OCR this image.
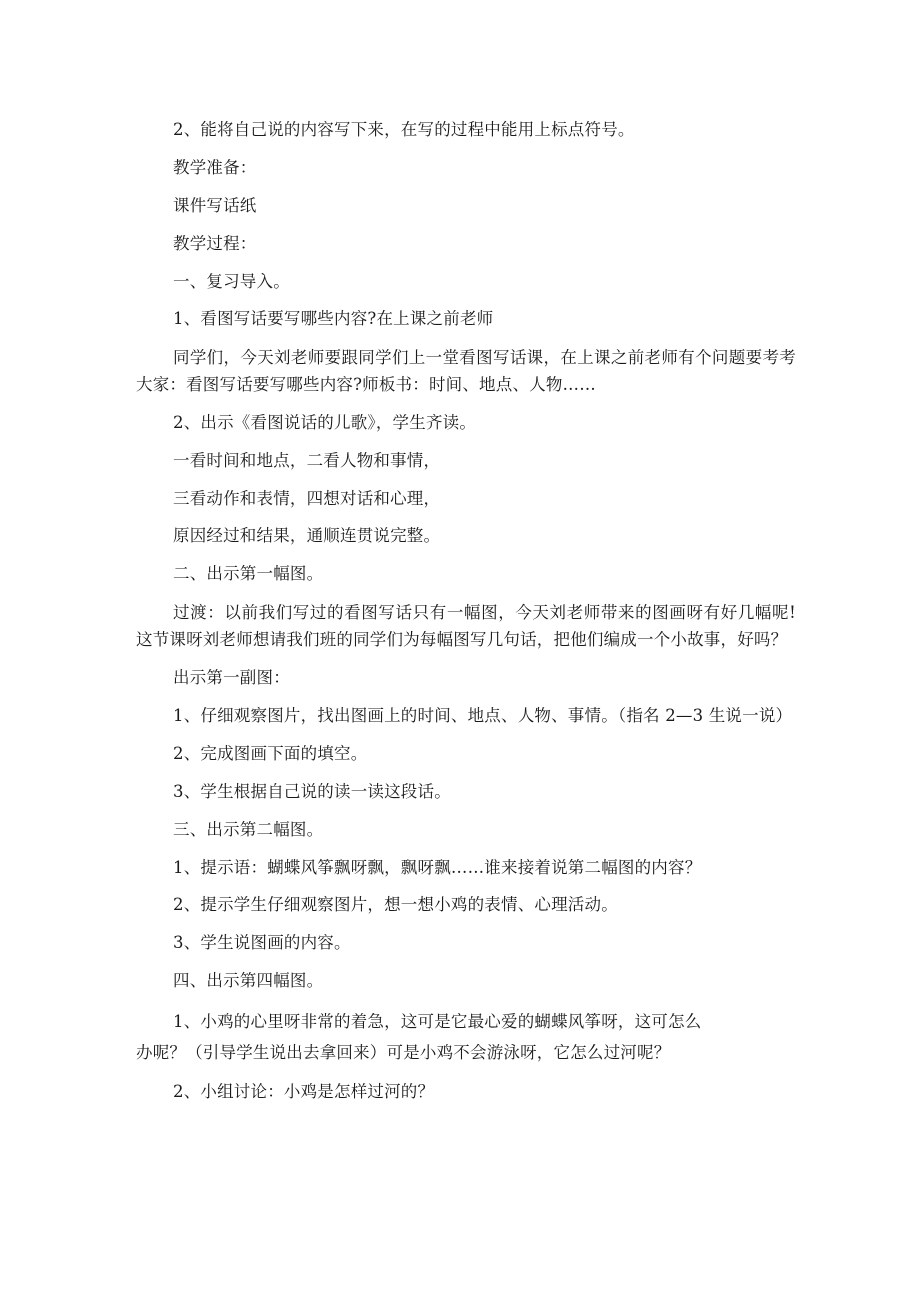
2、能将自己说的内容写下来，在写的过程中能用上标点符号。

教学准备：

课件写话纸

教学过程：

一、复习导入。

1、看图写话要写哪些内容?在上课之前老师

同学们，今天刘老师要跟同学们上一堂看图写话课，在上课之前老师有个问题要考考大家：看图写话要写哪些内容?师板书：时间、地点、人物……

2、出示《看图说话的儿歌》，学生齐读。

一看时间和地点，二看人物和事情，

三看动作和表情，四想对话和心理，

原因经过和结果，通顺连贯说完整。

二、出示第一幅图。

过渡：以前我们写过的看图写话只有一幅图，今天刘老师带来的图画呀有好几幅呢!这节课呀刘老师想请我们班的同学们为每幅图写几句话，把他们编成一个小故事，好吗？

出示第一副图：

1、仔细观察图片，找出图画上的时间、地点、人物、事情。（指名 2—3 生说一说）

2、完成图画下面的填空。

3、学生根据自己说的读一读这段话。

三、出示第二幅图。

1、提示语：蝴蝶风筝飘呀飘，飘呀飘……谁来接着说第二幅图的内容？

2、提示学生仔细观察图片，想一想小鸡的表情、心理活动。

3、学生说图画的内容。

四、出示第四幅图。

1、小鸡的心里呀非常的着急，这可是它最心爱的蝴蝶风筝呀，这可怎么
办呢？（引导学生说出去拿回来）可是小鸡不会游泳呀，它怎么过河呢？

2、小组讨论：小鸡是怎样过河的？
